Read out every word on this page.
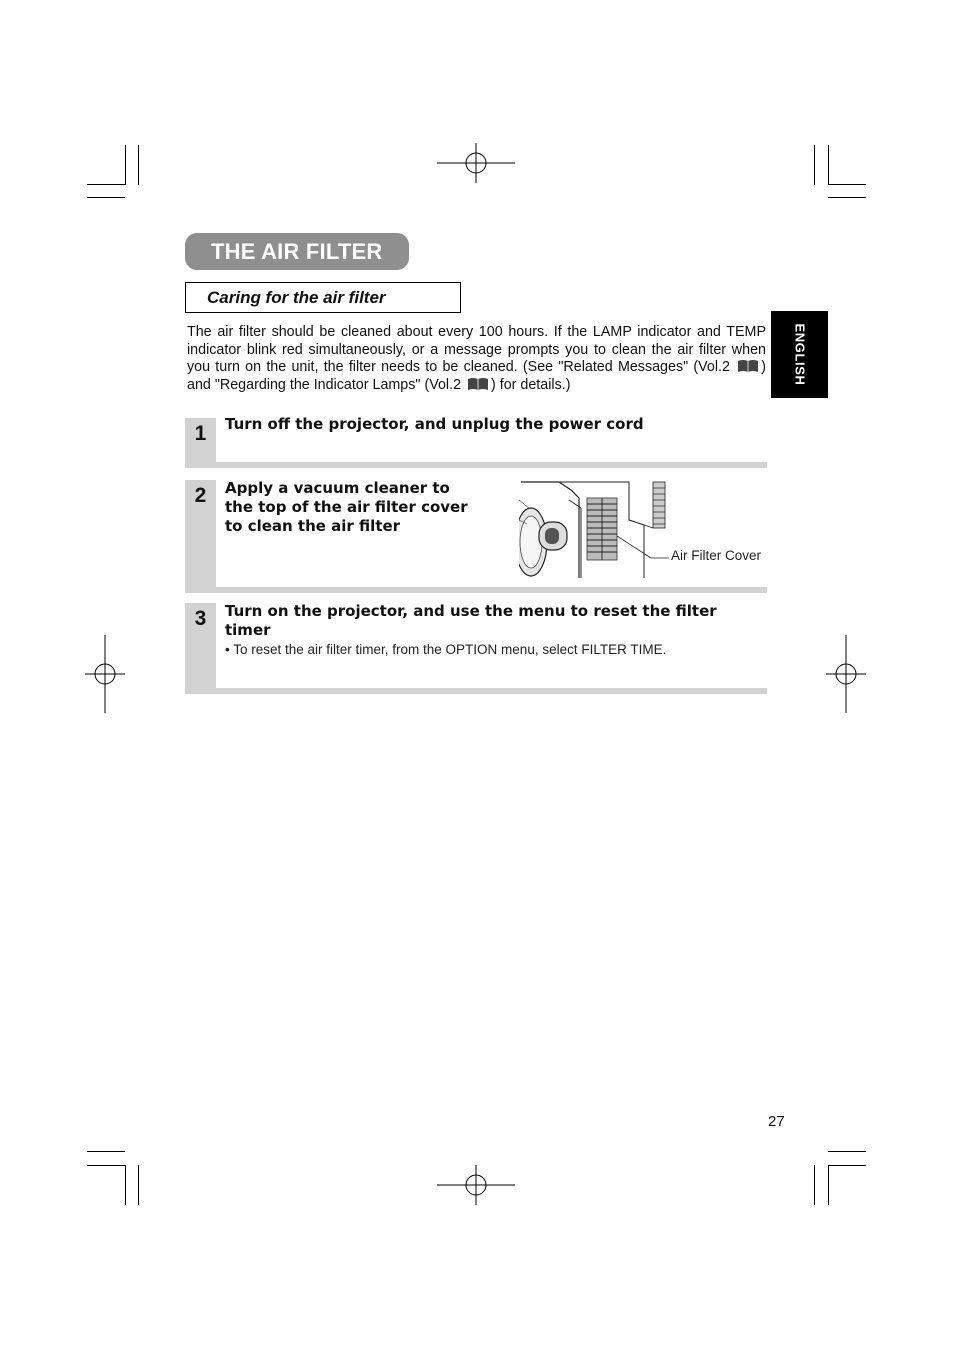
THE AIR FILTER
Caring for the air filter
The air filter should be cleaned about every 100 hours. If the LAMP indicator and TEMP indicator blink red simultaneously, or a message prompts you to clean the air filter when you turn on the unit, the filter needs to be cleaned. (See "Related Messages" (Vol.2 ) and "Regarding the Indicator Lamps" (Vol.2 ) for details.)	ENGLISH
1	Turn off the projector, and unplug the power cord
2	Apply a vacuum cleaner to
the top of the air filter cover
to clean the air filter
Air Filter Cover
3	Turn on the projector, and use the menu to reset the filter
timer
• To reset the air filter timer, from the OPTION menu, select FILTER TIME.
27
